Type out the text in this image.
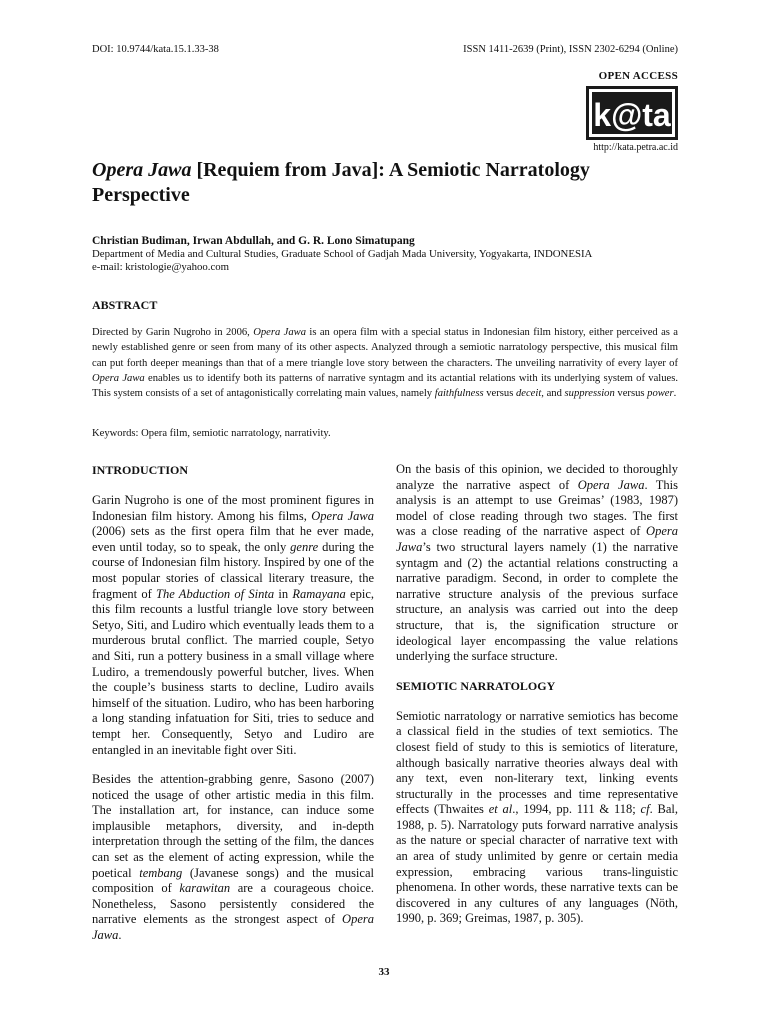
DOI: 10.9744/kata.15.1.33-38	ISSN 1411-2639 (Print), ISSN 2302-6294 (Online)
OPEN ACCESS
k@ta
http://kata.petra.ac.id
Opera Jawa [Requiem from Java]: A Semiotic Narratology Perspective
Christian Budiman, Irwan Abdullah, and G. R. Lono Simatupang
Department of Media and Cultural Studies, Graduate School of Gadjah Mada University, Yogyakarta, INDONESIA
e-mail: kristologie@yahoo.com
ABSTRACT

Directed by Garin Nugroho in 2006, Opera Jawa is an opera film with a special status in Indonesian film history, either perceived as a newly established genre or seen from many of its other aspects. Analyzed through a semiotic narratology perspective, this musical film can put forth deeper meanings than that of a mere triangle love story between the characters. The unveiling narrativity of every layer of Opera Jawa enables us to identify both its patterns of narrative syntagm and its actantial relations with its underlying system of values. This system consists of a set of antagonistically correlating main values, namely faithfulness versus deceit, and suppression versus power.

Keywords: Opera film, semiotic narratology, narrativity.
INTRODUCTION

Garin Nugroho is one of the most prominent figures in Indonesian film history. Among his films, Opera Jawa (2006) sets as the first opera film that he ever made, even until today, so to speak, the only genre during the course of Indonesian film history. Inspired by one of the most popular stories of classical literary treasure, the fragment of The Abduction of Sinta in Ramayana epic, this film recounts a lustful triangle love story between Setyo, Siti, and Ludiro which eventually leads them to a murderous brutal conflict. The married couple, Setyo and Siti, run a pottery business in a small village where Ludiro, a tremendously powerful butcher, lives. When the couple’s business starts to decline, Ludiro avails himself of the situation. Ludiro, who has been harboring a long standing infatuation for Siti, tries to seduce and tempt her. Consequently, Setyo and Ludiro are entangled in an inevitable fight over Siti.

Besides the attention-grabbing genre, Sasono (2007) noticed the usage of other artistic media in this film. The installation art, for instance, can induce some implausible metaphors, diversity, and in-depth interpretation through the setting of the film, the dances can set as the element of acting expression, while the poetical tembang (Javanese songs) and the musical composition of karawitan are a courageous choice. Nonetheless, Sasono persistently considered the narrative elements as the strongest aspect of Opera Jawa.

On the basis of this opinion, we decided to thoroughly analyze the narrative aspect of Opera Jawa. This analysis is an attempt to use Greimas’ (1983, 1987) model of close reading through two stages. The first was a close reading of the narrative aspect of Opera Jawa’s two structural layers namely (1) the narrative syntagm and (2) the actantial relations constructing a narrative paradigm. Second, in order to complete the narrative structure analysis of the previous surface structure, an analysis was carried out into the deep structure, that is, the signification structure or ideological layer encompassing the value relations underlying the surface structure.

SEMIOTIC NARRATOLOGY

Semiotic narratology or narrative semiotics has become a classical field in the studies of text semiotics. The closest field of study to this is semiotics of literature, although basically narrative theories always deal with any text, even non-literary text, linking events structurally in the processes and time representative effects (Thwaites et al., 1994, pp. 111 & 118; cf. Bal, 1988, p. 5). Narratology puts forward narrative analysis as the nature or special character of narrative text with an area of study unlimited by genre or certain media expression, embracing various trans-linguistic phenomena. In other words, these narrative texts can be discovered in any cultures of any languages (Nöth, 1990, p. 369; Greimas, 1987, p. 305).

33
